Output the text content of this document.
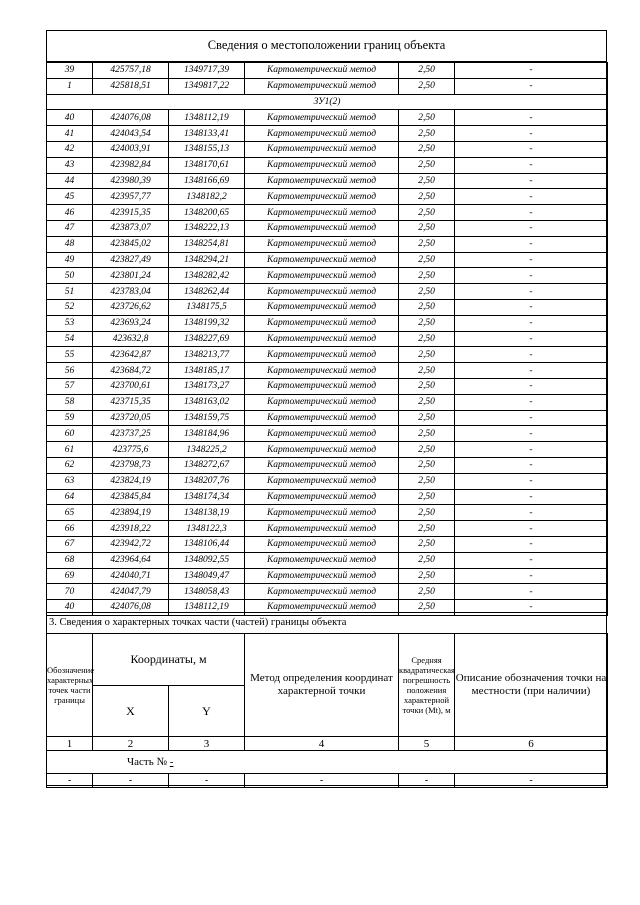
Сведения о местоположении границ объекта
39	425757,18	1349717,39	Картометрический метод	2,50	-
1	425818,51	1349817,22	Картометрический метод	2,50	-
ЗУ1(2)					
40	424076,08	1348112,19	Картометрический метод	2,50	-
41	424043,54	1348133,41	Картометрический метод	2,50	-
42	424003,91	1348155,13	Картометрический метод	2,50	-
43	423982,84	1348170,61	Картометрический метод	2,50	-
44	423980,39	1348166,69	Картометрический метод	2,50	-
45	423957,77	1348182,2	Картометрический метод	2,50	-
46	423915,35	1348200,65	Картометрический метод	2,50	-
47	423873,07	1348222,13	Картометрический метод	2,50	-
48	423845,02	1348254,81	Картометрический метод	2,50	-
49	423827,49	1348294,21	Картометрический метод	2,50	-
50	423801,24	1348282,42	Картометрический метод	2,50	-
51	423783,04	1348262,44	Картометрический метод	2,50	-
52	423726,62	1348175,5	Картометрический метод	2,50	-
53	423693,24	1348199,32	Картометрический метод	2,50	-
54	423632,8	1348227,69	Картометрический метод	2,50	-
55	423642,87	1348213,77	Картометрический метод	2,50	-
56	423684,72	1348185,17	Картометрический метод	2,50	-
57	423700,61	1348173,27	Картометрический метод	2,50	-
58	423715,35	1348163,02	Картометрический метод	2,50	-
59	423720,05	1348159,75	Картометрический метод	2,50	-
60	423737,25	1348184,96	Картометрический метод	2,50	-
61	423775,6	1348225,2	Картометрический метод	2,50	-
62	423798,73	1348272,67	Картометрический метод	2,50	-
63	423824,19	1348207,76	Картометрический метод	2,50	-
64	423845,84	1348174,34	Картометрический метод	2,50	-
65	423894,19	1348138,19	Картометрический метод	2,50	-
66	423918,22	1348122,3	Картометрический метод	2,50	-
67	423942,72	1348106,44	Картометрический метод	2,50	-
68	423964,64	1348092,55	Картометрический метод	2,50	-
69	424040,71	1348049,47	Картометрический метод	2,50	-
70	424047,79	1348058,43	Картометрический метод	2,50	-
40	424076,08	1348112,19	Картометрический метод	2,50	-
3. Сведения о характерных точках части (частей) границы объекта
Обозначение характерных точек части границы	Координаты, м		Метод определения координат характерной точки	Средняя квадратическая погрешность положения характерной точки (Mt), м	Описание обозначения точки на местности (при наличии)
	X	Y			
1	2	3	4	5	6
Часть № -					
-	-	-	-	-	-
